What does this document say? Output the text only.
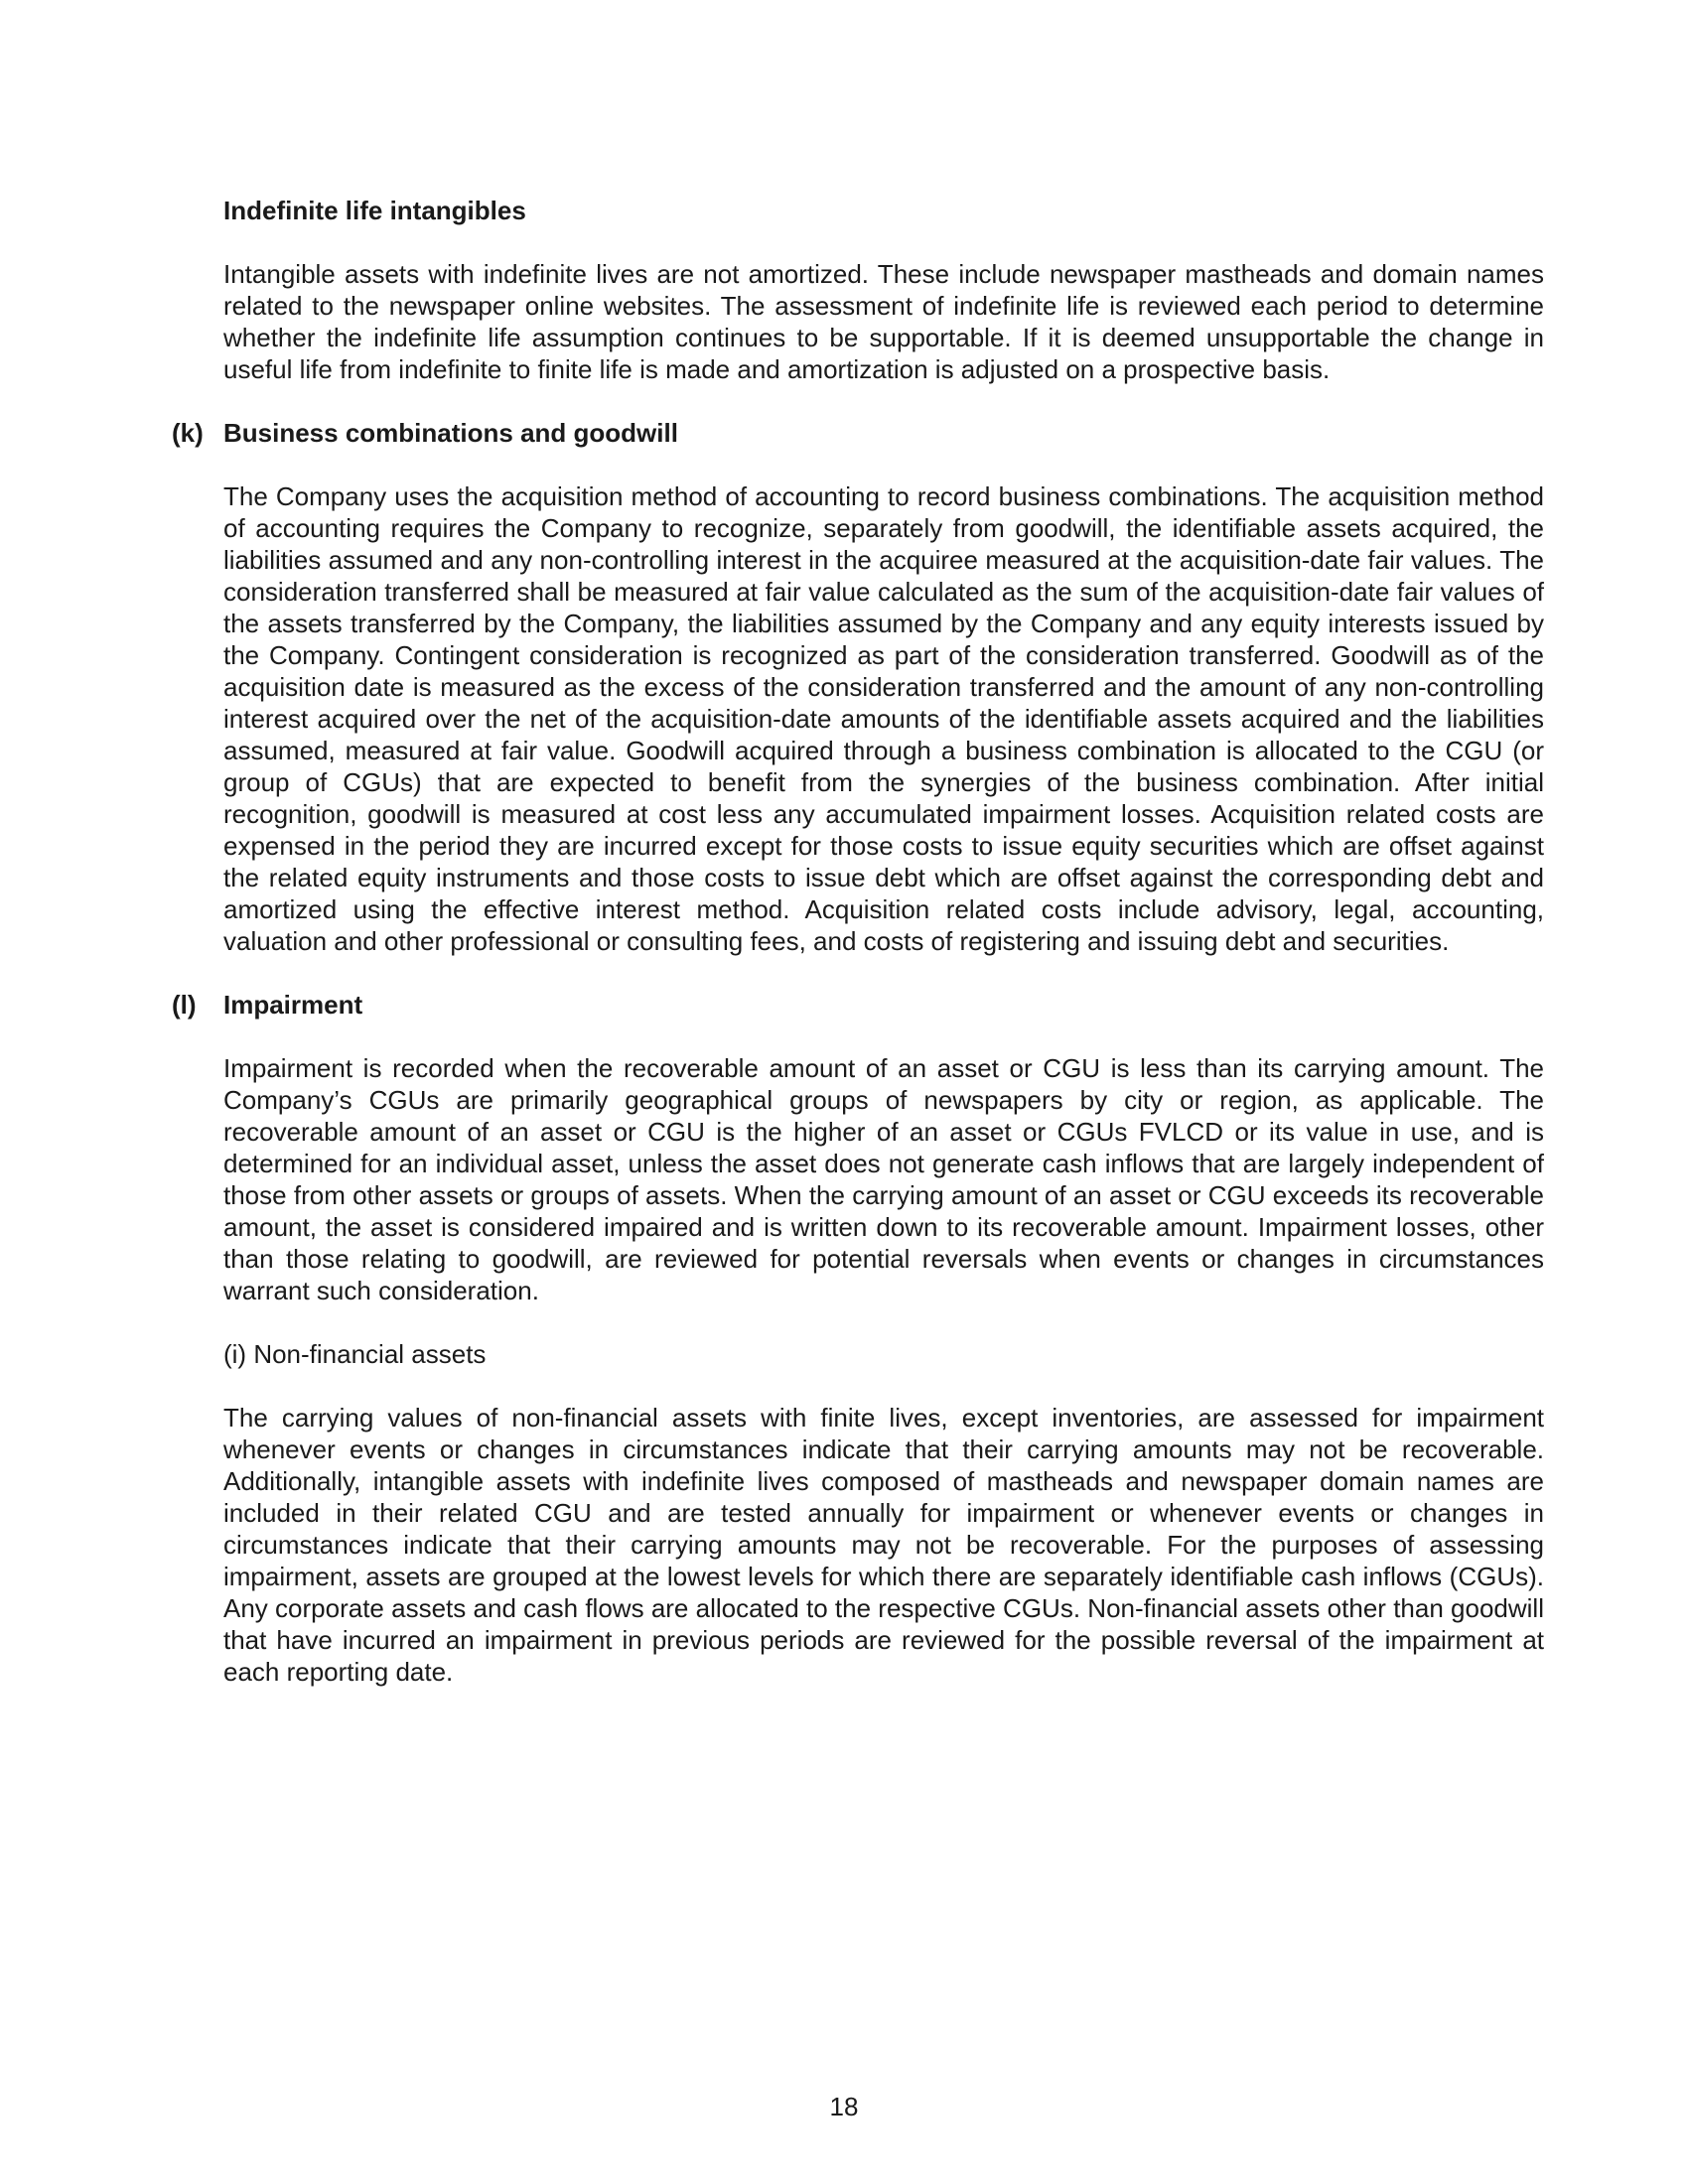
Indefinite life intangibles

Intangible assets with indefinite lives are not amortized. These include newspaper mastheads and domain names related to the newspaper online websites. The assessment of indefinite life is reviewed each period to determine whether the indefinite life assumption continues to be supportable. If it is deemed unsupportable the change in useful life from indefinite to finite life is made and amortization is adjusted on a prospective basis.

(k) Business combinations and goodwill

The Company uses the acquisition method of accounting to record business combinations. The acquisition method of accounting requires the Company to recognize, separately from goodwill, the identifiable assets acquired, the liabilities assumed and any non-controlling interest in the acquiree measured at the acquisition-date fair values. The consideration transferred shall be measured at fair value calculated as the sum of the acquisition-date fair values of the assets transferred by the Company, the liabilities assumed by the Company and any equity interests issued by the Company. Contingent consideration is recognized as part of the consideration transferred. Goodwill as of the acquisition date is measured as the excess of the consideration transferred and the amount of any non-controlling interest acquired over the net of the acquisition-date amounts of the identifiable assets acquired and the liabilities assumed, measured at fair value. Goodwill acquired through a business combination is allocated to the CGU (or group of CGUs) that are expected to benefit from the synergies of the business combination. After initial recognition, goodwill is measured at cost less any accumulated impairment losses. Acquisition related costs are expensed in the period they are incurred except for those costs to issue equity securities which are offset against the related equity instruments and those costs to issue debt which are offset against the corresponding debt and amortized using the effective interest method. Acquisition related costs include advisory, legal, accounting, valuation and other professional or consulting fees, and costs of registering and issuing debt and securities.

(l) Impairment

Impairment is recorded when the recoverable amount of an asset or CGU is less than its carrying amount. The Company’s CGUs are primarily geographical groups of newspapers by city or region, as applicable. The recoverable amount of an asset or CGU is the higher of an asset or CGUs FVLCD or its value in use, and is determined for an individual asset, unless the asset does not generate cash inflows that are largely independent of those from other assets or groups of assets. When the carrying amount of an asset or CGU exceeds its recoverable amount, the asset is considered impaired and is written down to its recoverable amount. Impairment losses, other than those relating to goodwill, are reviewed for potential reversals when events or changes in circumstances warrant such consideration.

(i) Non-financial assets

The carrying values of non-financial assets with finite lives, except inventories, are assessed for impairment whenever events or changes in circumstances indicate that their carrying amounts may not be recoverable. Additionally, intangible assets with indefinite lives composed of mastheads and newspaper domain names are included in their related CGU and are tested annually for impairment or whenever events or changes in circumstances indicate that their carrying amounts may not be recoverable. For the purposes of assessing impairment, assets are grouped at the lowest levels for which there are separately identifiable cash inflows (CGUs). Any corporate assets and cash flows are allocated to the respective CGUs. Non-financial assets other than goodwill that have incurred an impairment in previous periods are reviewed for the possible reversal of the impairment at each reporting date.

18
